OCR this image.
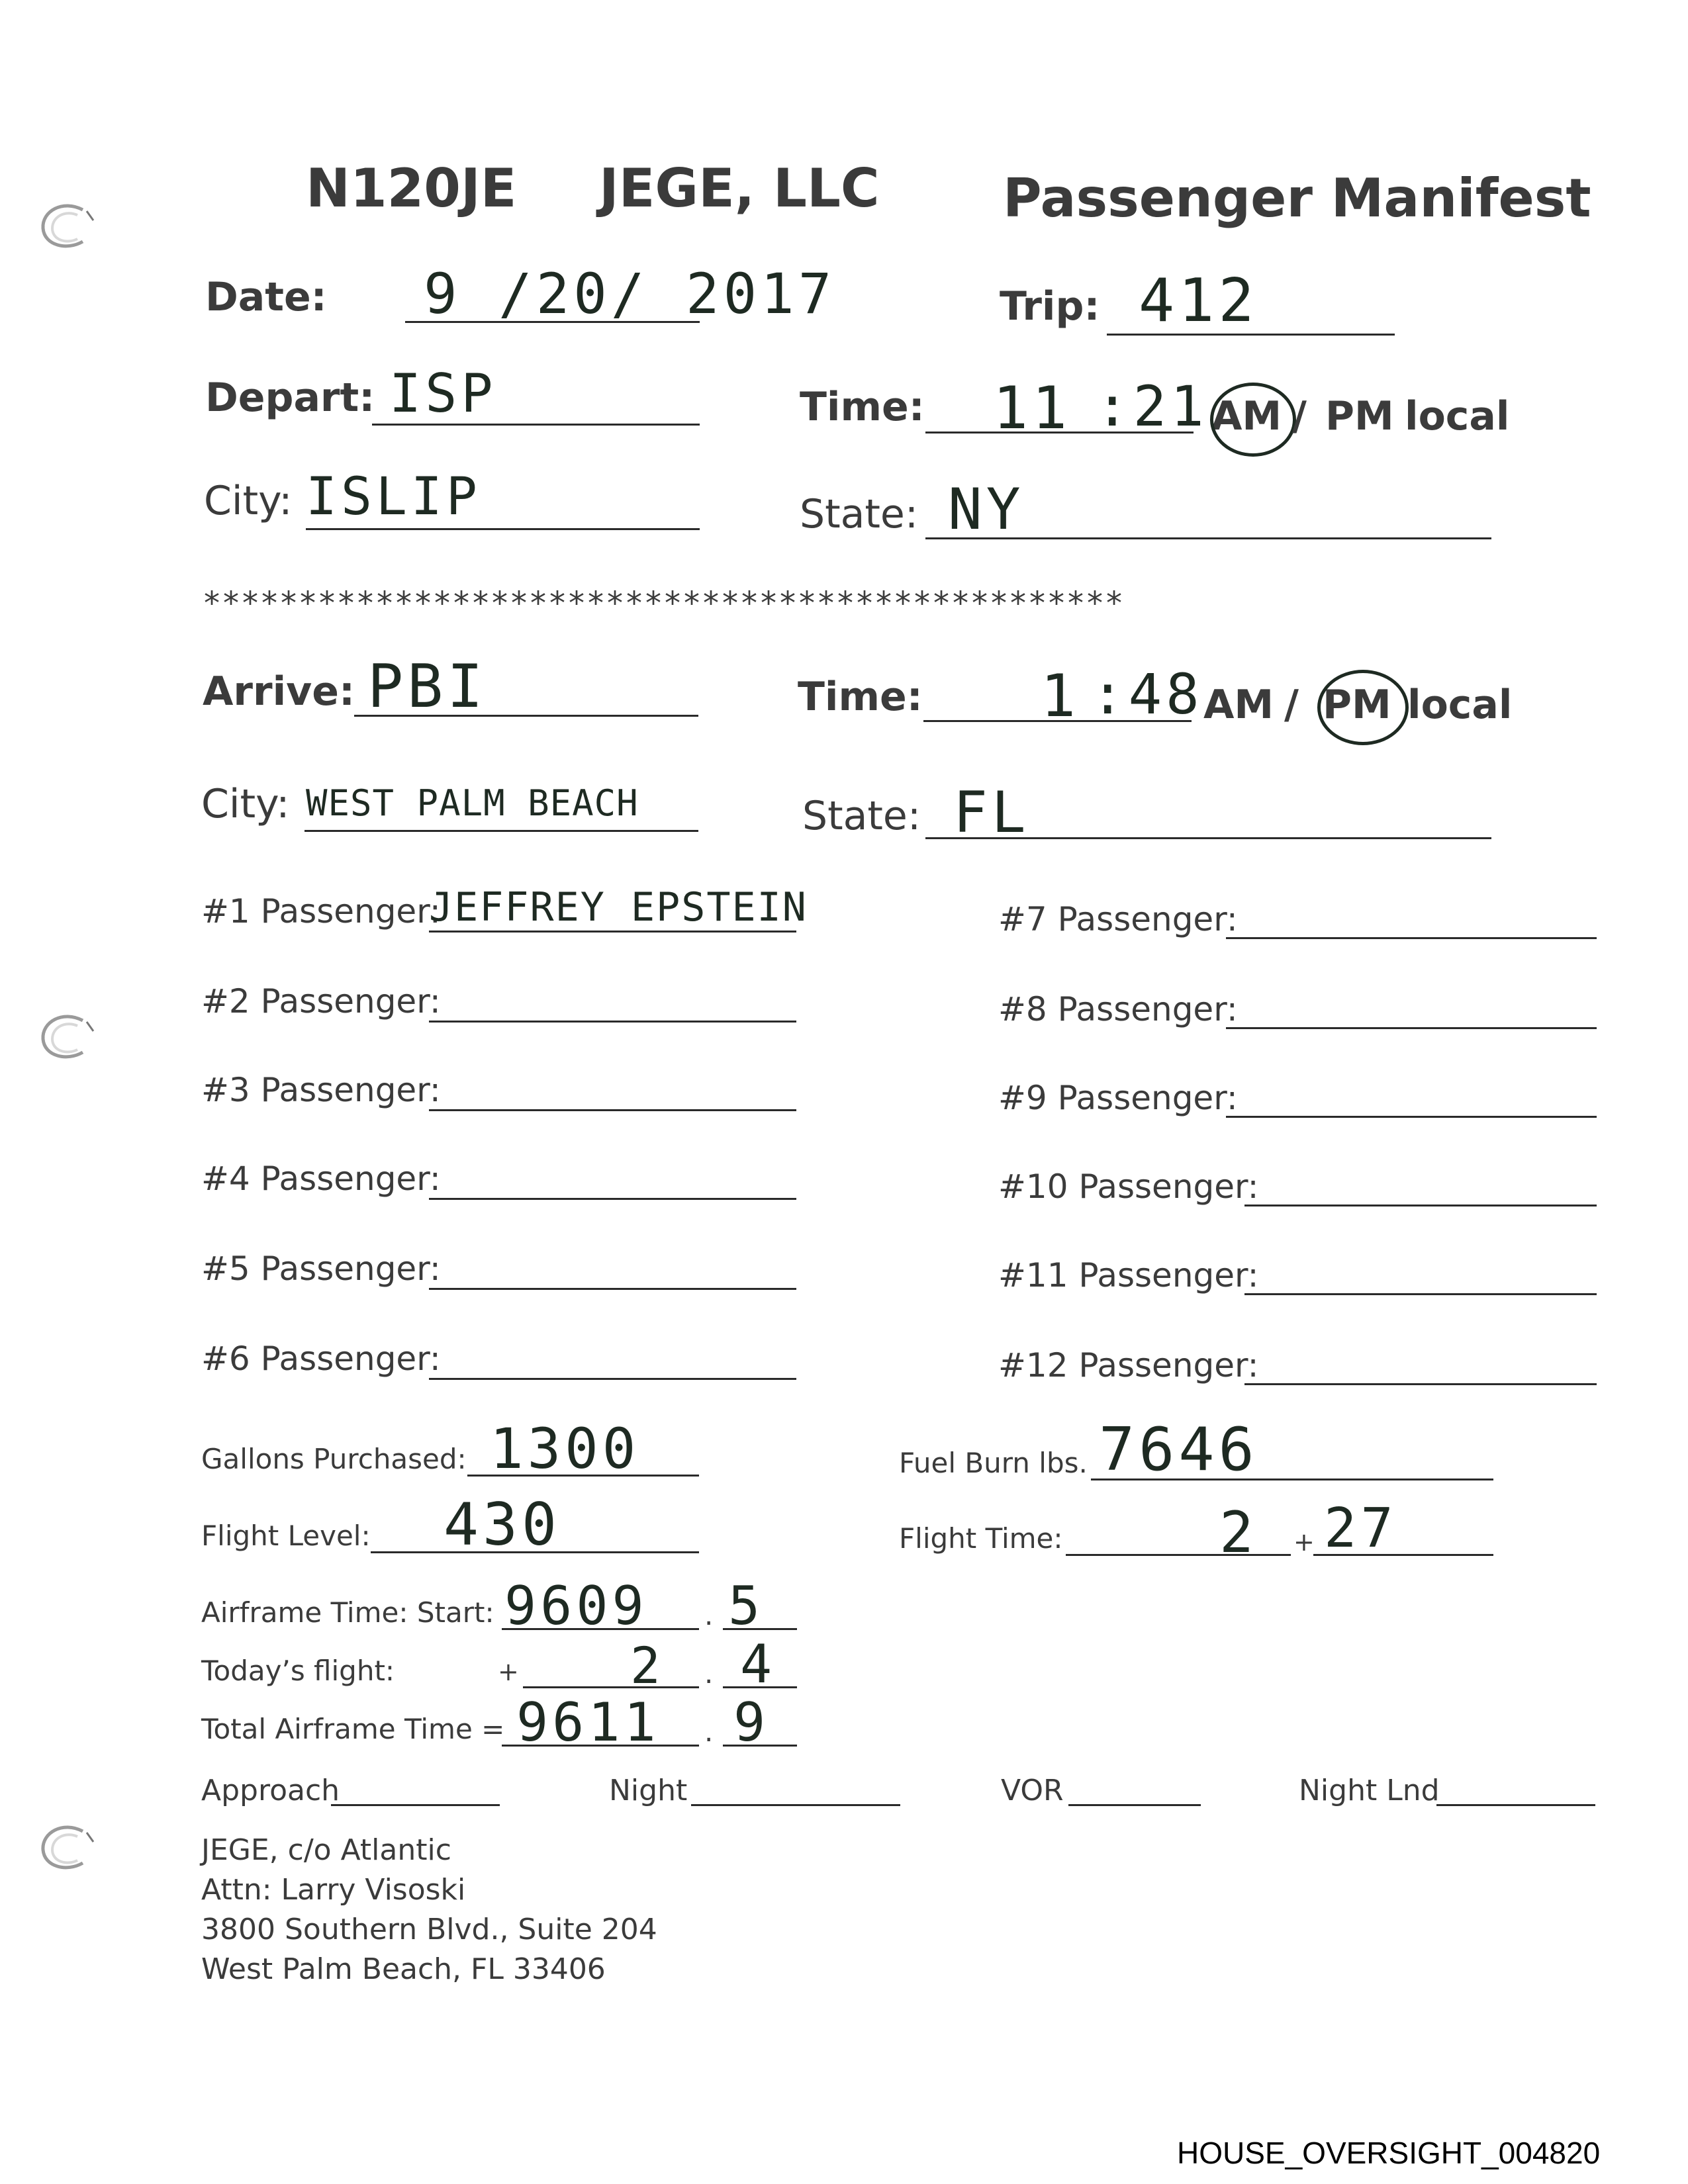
N120JE JEGE, LLC Passenger Manifest
Date: 9 /20/ 2017	Trip: 412
Depart: ISP	Time: 11 :21 AM / PM local
City: ISLIP	State: NY
************************************************
Arrive: PBI	Time: 1 :48 AM / PM local
City: WEST PALM BEACH	State: FL
#1 Passenger:
JEFFREY EPSTEIN
#2 Passenger:
#3 Passenger:
#4 Passenger:
#5 Passenger:
#6 Passenger:
#7 Passenger:
#8 Passenger:
#9 Passenger:
#10 Passenger:
#11 Passenger:
#12 Passenger:
Gallons Purchased: 1300	Fuel Burn lbs. 7646
Flight Level: 430	Flight Time:	2 + 27
Airframe Time: Start: 9609 . 5
Today’s flight:	+ 2 . 4
Total Airframe Time = 9611 . 9
Approach	Night	VOR	Night Lnd
JEGE, c/o Atlantic
Attn: Larry Visoski
3800 Southern Blvd., Suite 204
West Palm Beach, FL 33406
HOUSE_OVERSIGHT_004820
